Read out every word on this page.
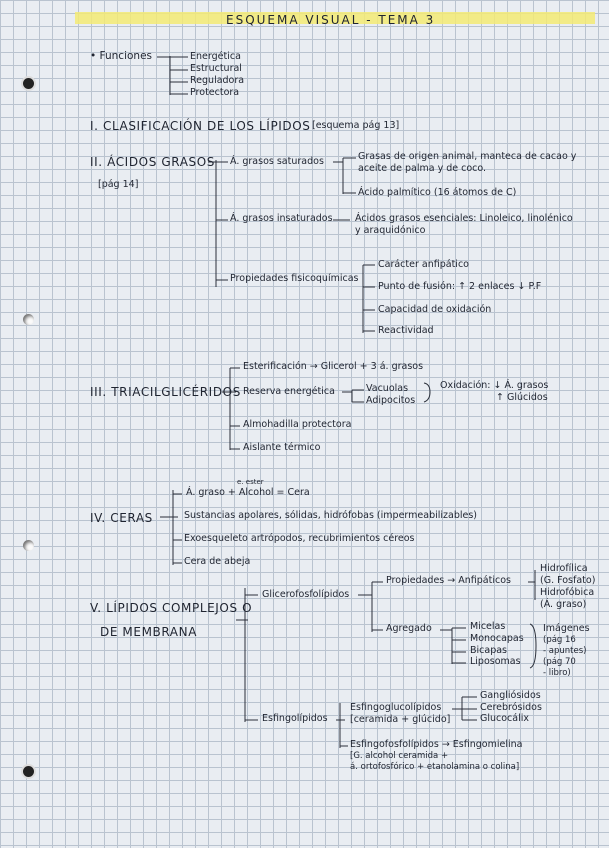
ESQUEMA VISUAL - TEMA 3
• Funciones	Energética
Estructural
Reguladora
Protectora
I. CLASIFICACIÓN DE LOS LÍPIDOS [esquema pág 13]
II. ÁCIDOS GRASOS
[pág 14]
Á. grasos saturados	Grasas de origen animal, manteca de cacao y
aceite de palma y de coco.
Ácido palmítico (16 átomos de C)
Á. grasos insaturados Ácidos grasos esenciales: Linoleico, linolénico
y araquidónico
Propiedades fisicoquímicas
Carácter anfipático
Punto de fusión: ↑ 2 enlaces ↓ P.F
Capacidad de oxidación
Reactividad
III. TRIACILGLICÉRIDOS
Esterificación → Glicerol + 3 á. grasos
Reserva energética	Vacuolas
Adipocitos
Oxidación: ↓ Á. grasos
↑ Glúcidos
Almohadilla protectora
Aislante térmico
IV. CERAS
e. ester
Á. graso + Alcohol = Cera
Sustancias apolares, sólidas, hidrófobas (impermeabilizables)
Exoesqueleto artrópodos, recubrimientos céreos
Cera de abeja
V. LÍPIDOS COMPLEJOS O
DE MEMBRANA
Glicerofosfolípidos
Propiedades → Anfipáticos
Hidrofílica
(G. Fosfato)
Hidrofóbica
(Á. graso)
Agregado	Micelas
Monocapas
Bicapas
Liposomas
Imágenes
(pág 16
- apuntes)
(pág 70
- libro)
Esfingolípidos
Esfingoglucolípidos
[ceramida + glúcido]
Gangliósidos
Cerebrósidos
Glucocálix
Esfingofosfolípidos → Esfingomielina
[G. alcohol ceramida +
á. ortofosfórico + etanolamina o colina]
